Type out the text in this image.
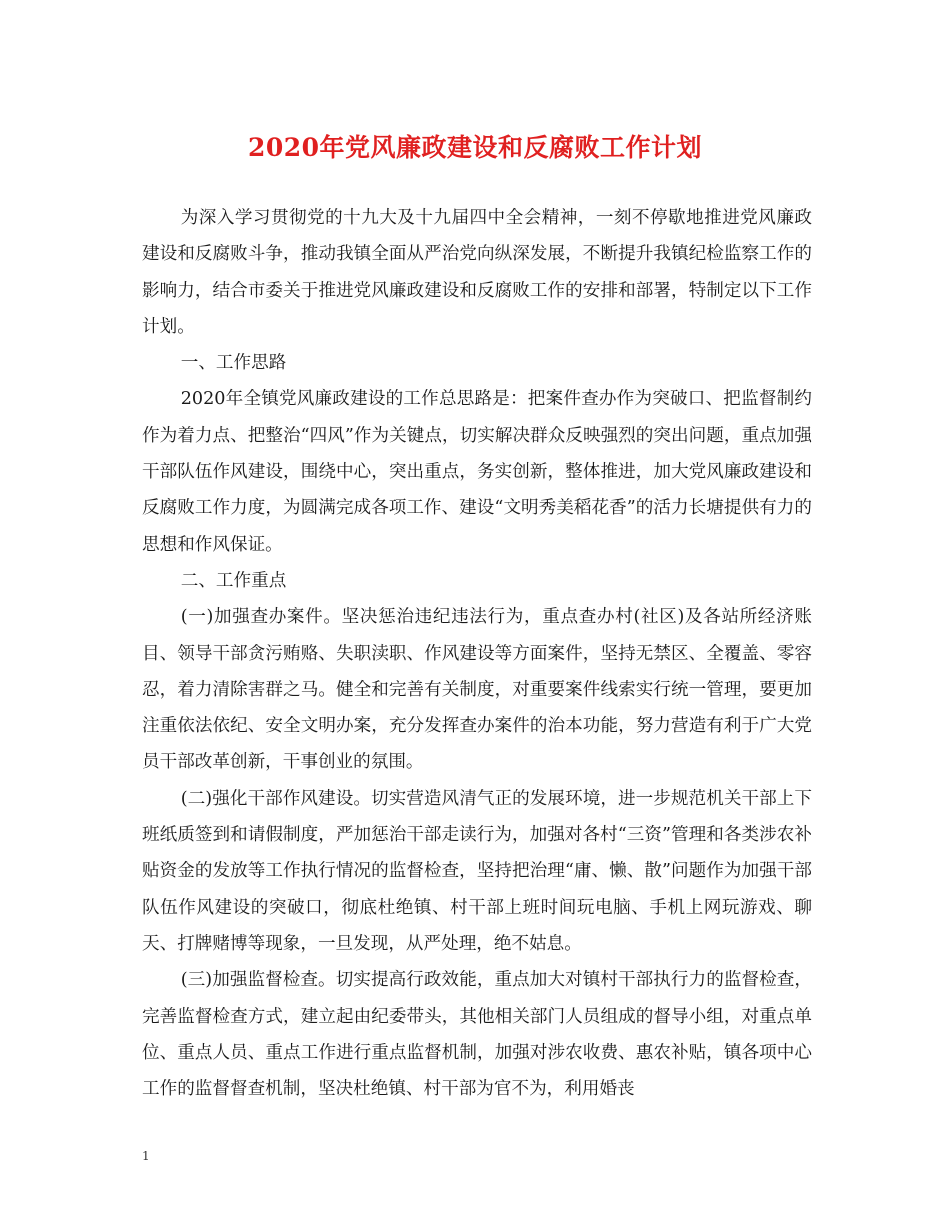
2020年党风廉政建设和反腐败工作计划

为深入学习贯彻党的十九大及十九届四中全会精神，一刻不停歇地推进党风廉政建设和反腐败斗争，推动我镇全面从严治党向纵深发展，不断提升我镇纪检监察工作的影响力，结合市委关于推进党风廉政建设和反腐败工作的安排和部署，特制定以下工作计划。

一、工作思路

2020年全镇党风廉政建设的工作总思路是：把案件查办作为突破口、把监督制约作为着力点、把整治“四风”作为关键点，切实解决群众反映强烈的突出问题，重点加强干部队伍作风建设，围绕中心，突出重点，务实创新，整体推进，加大党风廉政建设和反腐败工作力度，为圆满完成各项工作、建设“文明秀美稻花香”的活力长塘提供有力的思想和作风保证。

二、工作重点

(一)加强查办案件。坚决惩治违纪违法行为，重点查办村(社区)及各站所经济账目、领导干部贪污贿赂、失职渎职、作风建设等方面案件，坚持无禁区、全覆盖、零容忍，着力清除害群之马。健全和完善有关制度，对重要案件线索实行统一管理，要更加注重依法依纪、安全文明办案，充分发挥查办案件的治本功能，努力营造有利于广大党员干部改革创新，干事创业的氛围。

(二)强化干部作风建设。切实营造风清气正的发展环境，进一步规范机关干部上下班纸质签到和请假制度，严加惩治干部走读行为，加强对各村“三资”管理和各类涉农补贴资金的发放等工作执行情况的监督检查，坚持把治理“庸、懒、散”问题作为加强干部队伍作风建设的突破口，彻底杜绝镇、村干部上班时间玩电脑、手机上网玩游戏、聊天、打牌赌博等现象，一旦发现，从严处理，绝不姑息。

(三)加强监督检查。切实提高行政效能，重点加大对镇村干部执行力的监督检查，完善监督检查方式，建立起由纪委带头，其他相关部门人员组成的督导小组，对重点单位、重点人员、重点工作进行重点监督机制，加强对涉农收费、惠农补贴，镇各项中心工作的监督督查机制，坚决杜绝镇、村干部为官不为，利用婚丧

1
